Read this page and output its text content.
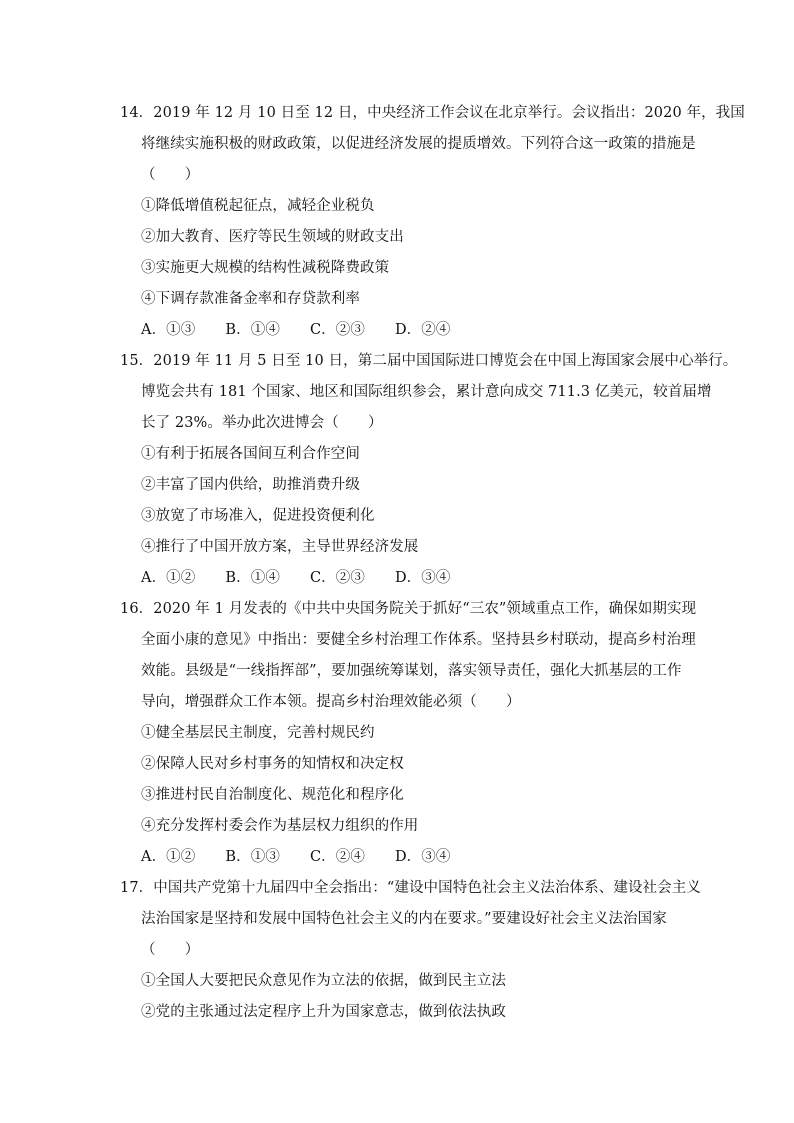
14．2019 年 12 月 10 日至 12 日，中央经济工作会议在北京举行。会议指出：2020 年，我国
将继续实施积极的财政政策，以促进经济发展的提质增效。下列符合这一政策的措施是
（　　）
①降低增值税起征点，减轻企业税负
②加大教育、医疗等民生领域的财政支出
③实施更大规模的结构性减税降费政策
④下调存款准备金率和存贷款利率
A．①③ B．①④ C．②③ D．②④
15．2019 年 11 月 5 日至 10 日，第二届中国国际进口博览会在中国上海国家会展中心举行。
博览会共有 181 个国家、地区和国际组织参会，累计意向成交 711.3 亿美元，较首届增
长了 23%。举办此次进博会（　　）
①有利于拓展各国间互利合作空间
②丰富了国内供给，助推消费升级
③放宽了市场准入，促进投资便利化
④推行了中国开放方案，主导世界经济发展
A．①② B．①④ C．②③ D．③④
16．2020 年 1 月发表的《中共中央国务院关于抓好“三农”领域重点工作，确保如期实现
全面小康的意见》中指出：要健全乡村治理工作体系。坚持县乡村联动，提高乡村治理
效能。县级是“一线指挥部”，要加强统筹谋划，落实领导责任，强化大抓基层的工作
导向，增强群众工作本领。提高乡村治理效能必须（　　）
①健全基层民主制度，完善村规民约
②保障人民对乡村事务的知情权和决定权
③推进村民自治制度化、规范化和程序化
④充分发挥村委会作为基层权力组织的作用
A．①② B．①③ C．②④ D．③④
17．中国共产党第十九届四中全会指出：“建设中国特色社会主义法治体系、建设社会主义
法治国家是坚持和发展中国特色社会主义的内在要求。”要建设好社会主义法治国家
（　　）
①全国人大要把民众意见作为立法的依据，做到民主立法
②党的主张通过法定程序上升为国家意志，做到依法执政
